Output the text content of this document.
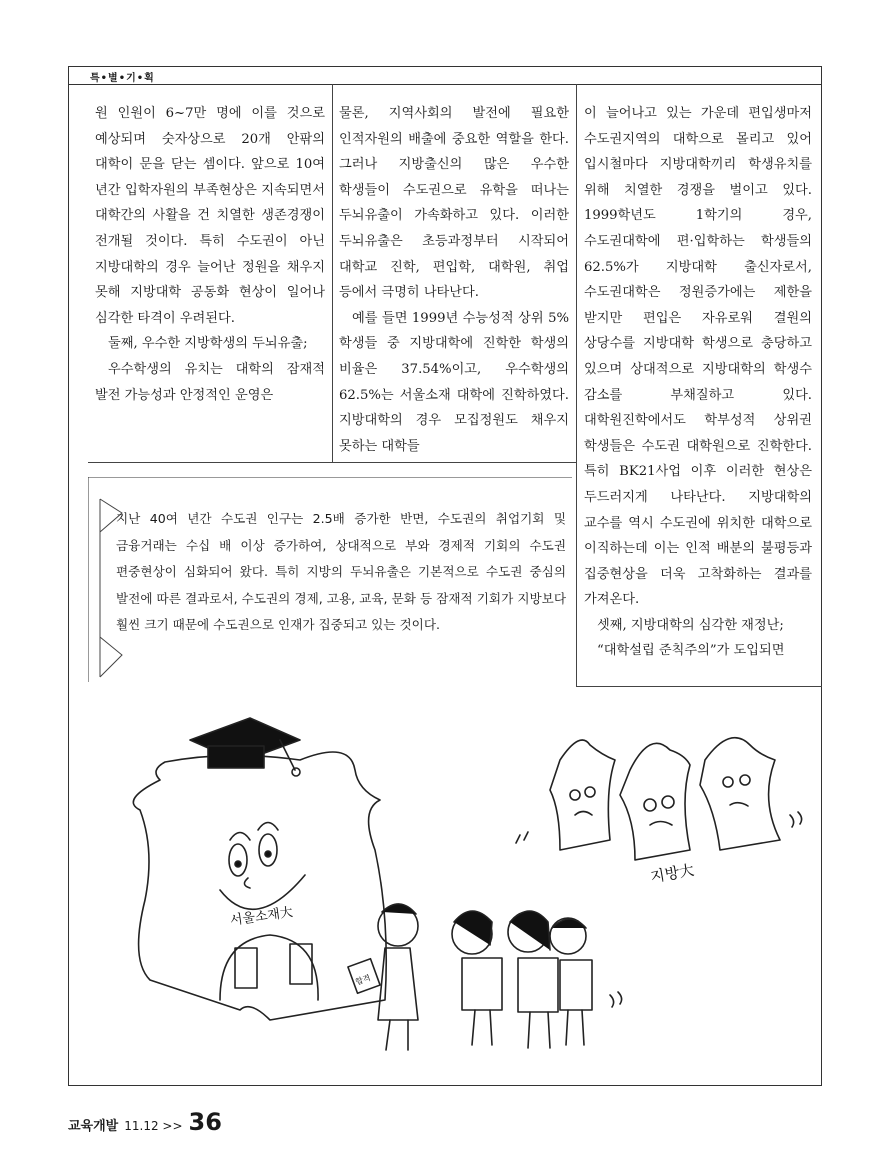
특•별•기•획

원 인원이 6~7만 명에 이를 것으로 예상되며 숫자상으로 20개 안팎의 대학이 문을 닫는 셈이다. 앞으로 10여 년간 입학자원의 부족현상은 지속되면서 대학간의 사활을 건 치열한 생존경쟁이 전개될 것이다. 특히 수도권이 아닌 지방대학의 경우 늘어난 정원을 채우지 못해 지방대학 공동화 현상이 일어나 심각한 타격이 우려된다.

둘째, 우수한 지방학생의 두뇌유출;

우수학생의 유치는 대학의 잠재적 발전 가능성과 안정적인 운영은

물론, 지역사회의 발전에 필요한 인적자원의 배출에 중요한 역할을 한다. 그러나 지방출신의 많은 우수한 학생들이 수도권으로 유학을 떠나는 두뇌유출이 가속화하고 있다. 이러한 두뇌유출은 초등과정부터 시작되어 대학교 진학, 편입학, 대학원, 취업 등에서 극명히 나타난다.

예를 들면 1999년 수능성적 상위 5% 학생들 중 지방대학에 진학한 학생의 비율은 37.54%이고, 우수학생의 62.5%는 서울소재 대학에 진학하였다. 지방대학의 경우 모집정원도 채우지 못하는 대학들

이 늘어나고 있는 가운데 편입생마저 수도권지역의 대학으로 몰리고 있어 입시철마다 지방대학끼리 학생유치를 위해 치열한 경쟁을 벌이고 있다. 1999학년도 1학기의 경우, 수도권대학에 편·입학하는 학생들의 62.5%가 지방대학 출신자로서, 수도권대학은 정원증가에는 제한을 받지만 편입은 자유로워 결원의 상당수를 지방대학 학생으로 충당하고 있으며 상대적으로 지방대학의 학생수 감소를 부채질하고 있다. 대학원진학에서도 학부성적 상위권 학생들은 수도권 대학원으로 진학한다. 특히 BK21사업 이후 이러한 현상은 두드러지게 나타난다. 지방대학의 교수를 역시 수도권에 위치한 대학으로 이직하는데 이는 인적 배분의 불평등과 집중현상을 더욱 고착화하는 결과를 가져온다.

셋째, 지방대학의 심각한 재정난;

“대학설립 준칙주의”가 도입되면

지난 40여 년간 수도권 인구는 2.5배 증가한 반면, 수도권의 취업기회 및 금융거래는 수십 배 이상 증가하여, 상대적으로 부와 경제적 기회의 수도권 편중현상이 심화되어 왔다. 특히 지방의 두뇌유출은 기본적으로 수도권 중심의 발전에 따른 결과로서, 수도권의 경제, 고용, 교육, 문화 등 잠재적 기회가 지방보다 훨씬 크기 때문에 수도권으로 인재가 집중되고 있는 것이다.
서울소재大
지방大
합격
교육개발 11.12 >> 36
